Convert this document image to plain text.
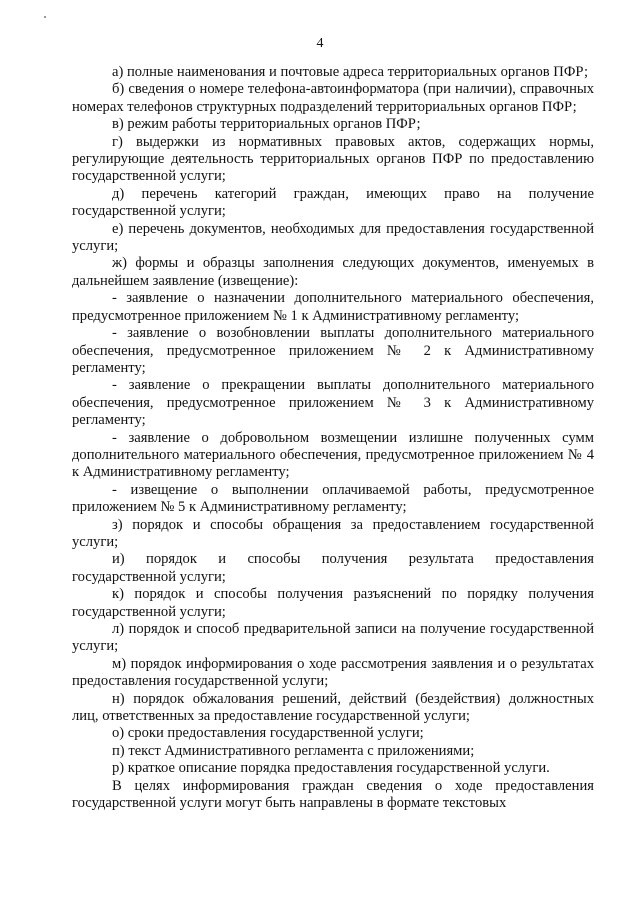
4

а) полные наименования и почтовые адреса территориальных органов ПФР;

б) сведения о номере телефона-автоинформатора (при наличии), справочных номерах телефонов структурных подразделений территориальных органов ПФР;

в) режим работы территориальных органов ПФР;

г) выдержки из нормативных правовых актов, содержащих нормы, регулирующие деятельность территориальных органов ПФР по предоставлению государственной услуги;

д) перечень категорий граждан, имеющих право на получение государственной услуги;

е) перечень документов, необходимых для предоставления государственной услуги;

ж) формы и образцы заполнения следующих документов, именуемых в дальнейшем заявление (извещение):

- заявление о назначении дополнительного материального обеспечения, предусмотренное приложением № 1 к Административному регламенту;

- заявление о возобновлении выплаты дополнительного материального обеспечения, предусмотренное приложением № 2 к Административному регламенту;

- заявление о прекращении выплаты дополнительного материального обеспечения, предусмотренное приложением № 3 к Административному регламенту;

- заявление о добровольном возмещении излишне полученных сумм дополнительного материального обеспечения, предусмотренное приложением № 4 к Административному регламенту;

- извещение о выполнении оплачиваемой работы, предусмотренное приложением № 5 к Административному регламенту;

з) порядок и способы обращения за предоставлением государственной услуги;

и) порядок и способы получения результата предоставления государственной услуги;

к) порядок и способы получения разъяснений по порядку получения государственной услуги;

л) порядок и способ предварительной записи на получение государственной услуги;

м) порядок информирования о ходе рассмотрения заявления и о результатах предоставления государственной услуги;

н) порядок обжалования решений, действий (бездействия) должностных лиц, ответственных за предоставление государственной услуги;

о) сроки предоставления государственной услуги;

п) текст Административного регламента с приложениями;

р) краткое описание порядка предоставления государственной услуги.

В целях информирования граждан сведения о ходе предоставления государственной услуги могут быть направлены в формате текстовых
